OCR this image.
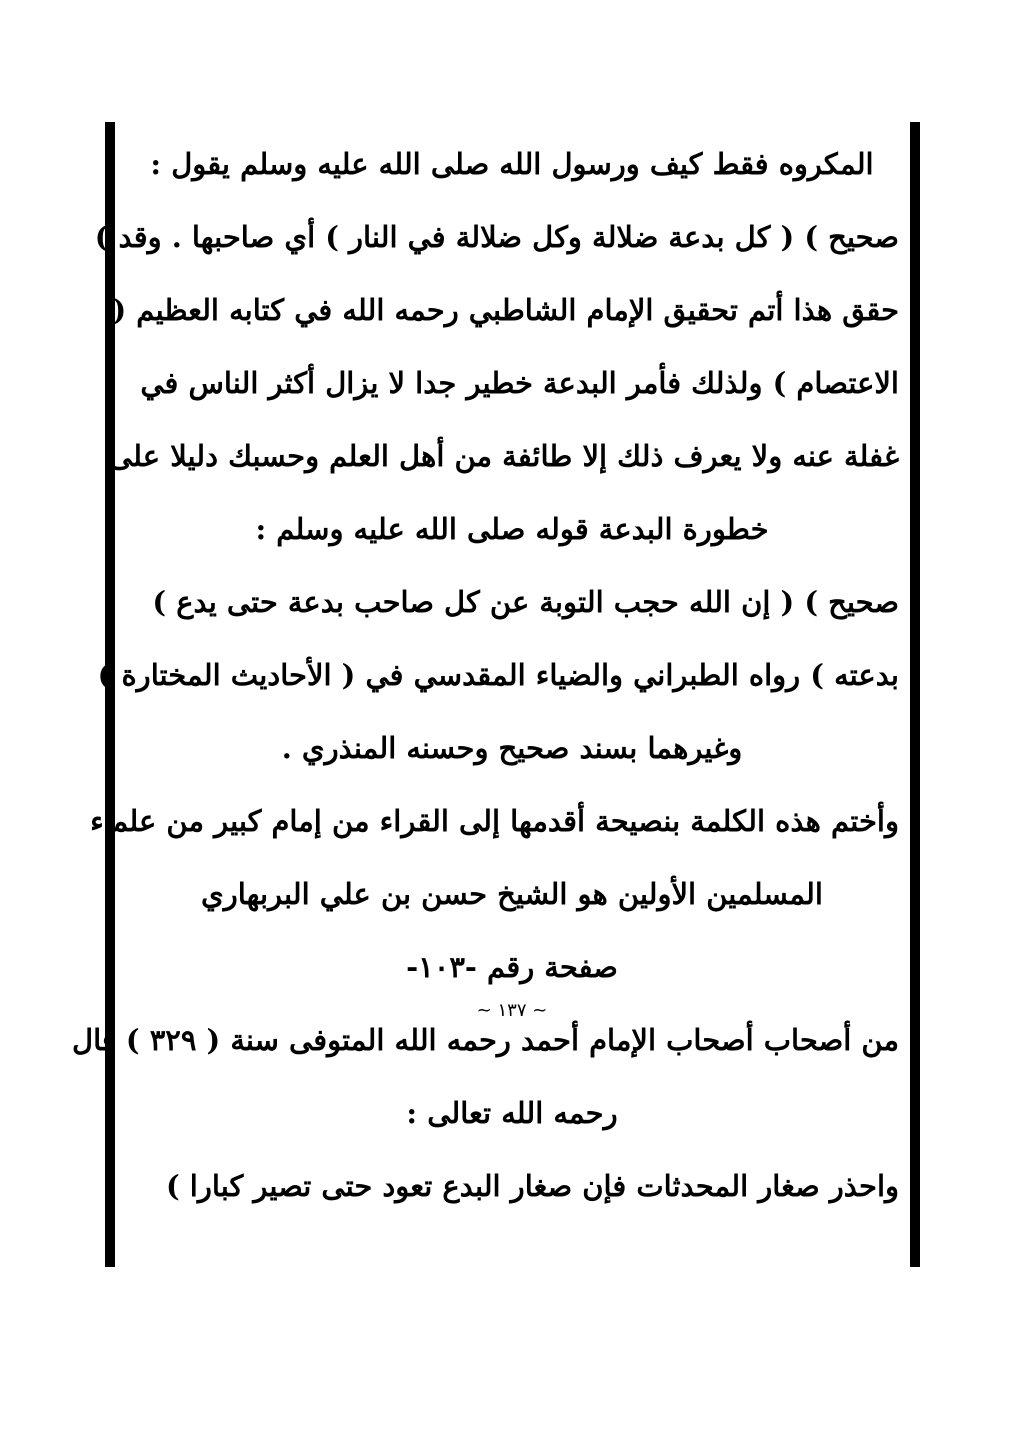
المكروه فقط كيف ورسول الله صلى الله عليه وسلم يقول :
صحيح ) ( كل بدعة ضلالة وكل ضلالة في النار ) أي صاحبها . وقد )
حقق هذا أتم تحقيق الإمام الشاطبي رحمه الله في كتابه العظيم (
الاعتصام ) ولذلك فأمر البدعة خطير جدا لا يزال أكثر الناس في
غفلة عنه ولا يعرف ذلك إلا طائفة من أهل العلم وحسبك دليلا على
خطورة البدعة قوله صلى الله عليه وسلم :
صحيح ) ( إن الله حجب التوبة عن كل صاحب بدعة حتى يدع )
بدعته ) رواه الطبراني والضياء المقدسي في ( الأحاديث المختارة )
وغيرهما بسند صحيح وحسنه المنذري .
وأختم هذه الكلمة بنصيحة أقدمها إلى القراء من إمام كبير من علماء
المسلمين الأولين هو الشيخ حسن بن علي البربهاري
صفحة رقم -١٠٣-
من أصحاب أصحاب الإمام أحمد رحمه الله المتوفى سنة ( ٣٢٩ ) قال
رحمه الله تعالى :
واحذر صغار المحدثات فإن صغار البدع تعود حتى تصير كبارا )
~ ١٣٧ ~
